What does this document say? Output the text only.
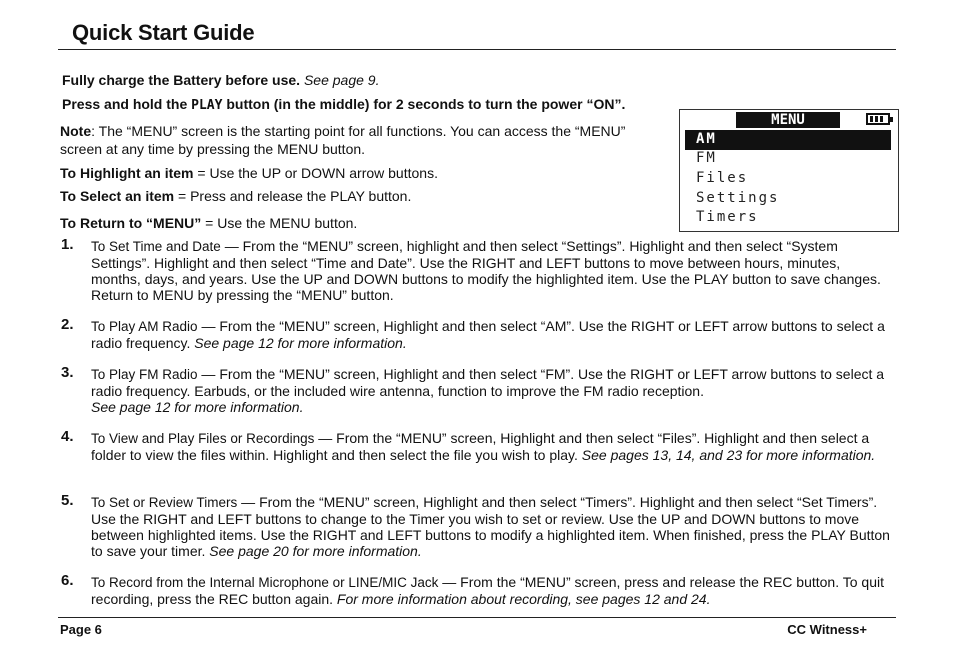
Quick Start Guide
Fully charge the Battery before use. See page 9.
Press and hold the PLAY button (in the middle) for 2 seconds to turn the power “ON”.
Note: The “MENU” screen is the starting point for all functions. You can access the “MENU” screen at any time by pressing the MENU button.
To Highlight an item = Use the UP or DOWN arrow buttons.
To Select an item = Press and release the PLAY button.
To Return to “MENU” = Use the MENU button.
MENU
AM
FM
Files
Settings
Timers
1. To Set Time and Date — From the “MENU” screen, highlight and then select “Settings”. Highlight and then select “System Settings”. Highlight and then select “Time and Date”. Use the RIGHT and LEFT buttons to move between hours, minutes, months, days, and years. Use the UP and DOWN buttons to modify the highlighted item. Use the PLAY button to save changes. Return to MENU by pressing the “MENU” button.
2. To Play AM Radio — From the “MENU” screen, Highlight and then select “AM”. Use the RIGHT or LEFT arrow buttons to select a radio frequency. See page 12 for more information.
3. To Play FM Radio — From the “MENU” screen, Highlight and then select “FM”. Use the RIGHT or LEFT arrow buttons to select a radio frequency. Earbuds, or the included wire antenna, function to improve the FM radio reception.
See page 12 for more information.
4. To View and Play Files or Recordings — From the “MENU” screen, Highlight and then select “Files”. Highlight and then select a folder to view the files within. Highlight and then select the file you wish to play. See pages 13, 14, and 23 for more information.
5. To Set or Review Timers — From the “MENU” screen, Highlight and then select “Timers”. Highlight and then select “Set Timers”. Use the RIGHT and LEFT buttons to change to the Timer you wish to set or review. Use the UP and DOWN buttons to move between highlighted items. Use the RIGHT and LEFT buttons to modify a highlighted item. When finished, press the PLAY Button to save your timer. See page 20 for more information.
6. To Record from the Internal Microphone or LINE/MIC Jack — From the “MENU” screen, press and release the REC button. To quit recording, press the REC button again. For more information about recording, see pages 12 and 24.
Page 6	CC Witness+
